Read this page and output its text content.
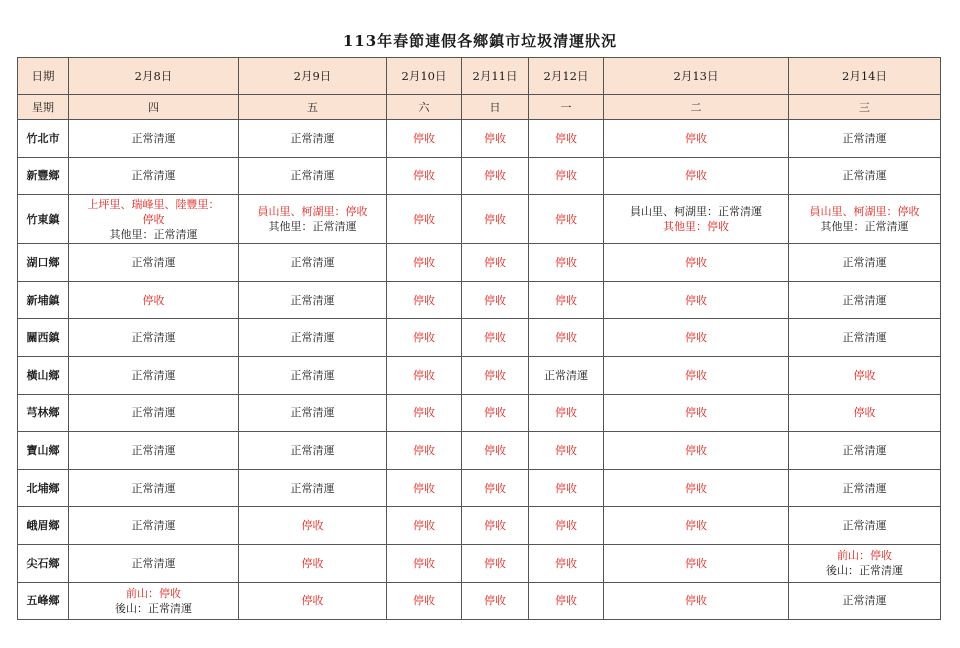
113年春節連假各鄉鎮市垃圾清運狀況
日期	2月8日	2月9日	2月10日	2月11日	2月12日	2月13日	2月14日
星期	四	五	六	日	一	二	三
竹北市	正常清運	正常清運	停收	停收	停收	停收	正常清運

新豐鄉	正常清運	正常清運	停收	停收	停收	停收	正常清運

竹東鎮	上坪里、瑞峰里、陸豐里：
停收
其他里：正常清運	員山里、柯湖里：停收
其他里：正常清運	停收	停收	停收	員山里、柯湖里：正常清運
其他里：停收	員山里、柯湖里：停收
其他里：正常清運

湖口鄉	正常清運	正常清運	停收	停收	停收	停收	正常清運

新埔鎮	停收	正常清運	停收	停收	停收	停收	正常清運

關西鎮	正常清運	正常清運	停收	停收	停收	停收	正常清運

橫山鄉	正常清運	正常清運	停收	停收	正常清運	停收	停收

芎林鄉	正常清運	正常清運	停收	停收	停收	停收	停收

寶山鄉	正常清運	正常清運	停收	停收	停收	停收	正常清運

北埔鄉	正常清運	正常清運	停收	停收	停收	停收	正常清運

峨眉鄉	正常清運	停收	停收	停收	停收	停收	正常清運

尖石鄉	正常清運	停收	停收	停收	停收	停收	前山：停收
後山：正常清運

五峰鄉	前山：停收
後山：正常清運	停收	停收	停收	停收	停收	正常清運
